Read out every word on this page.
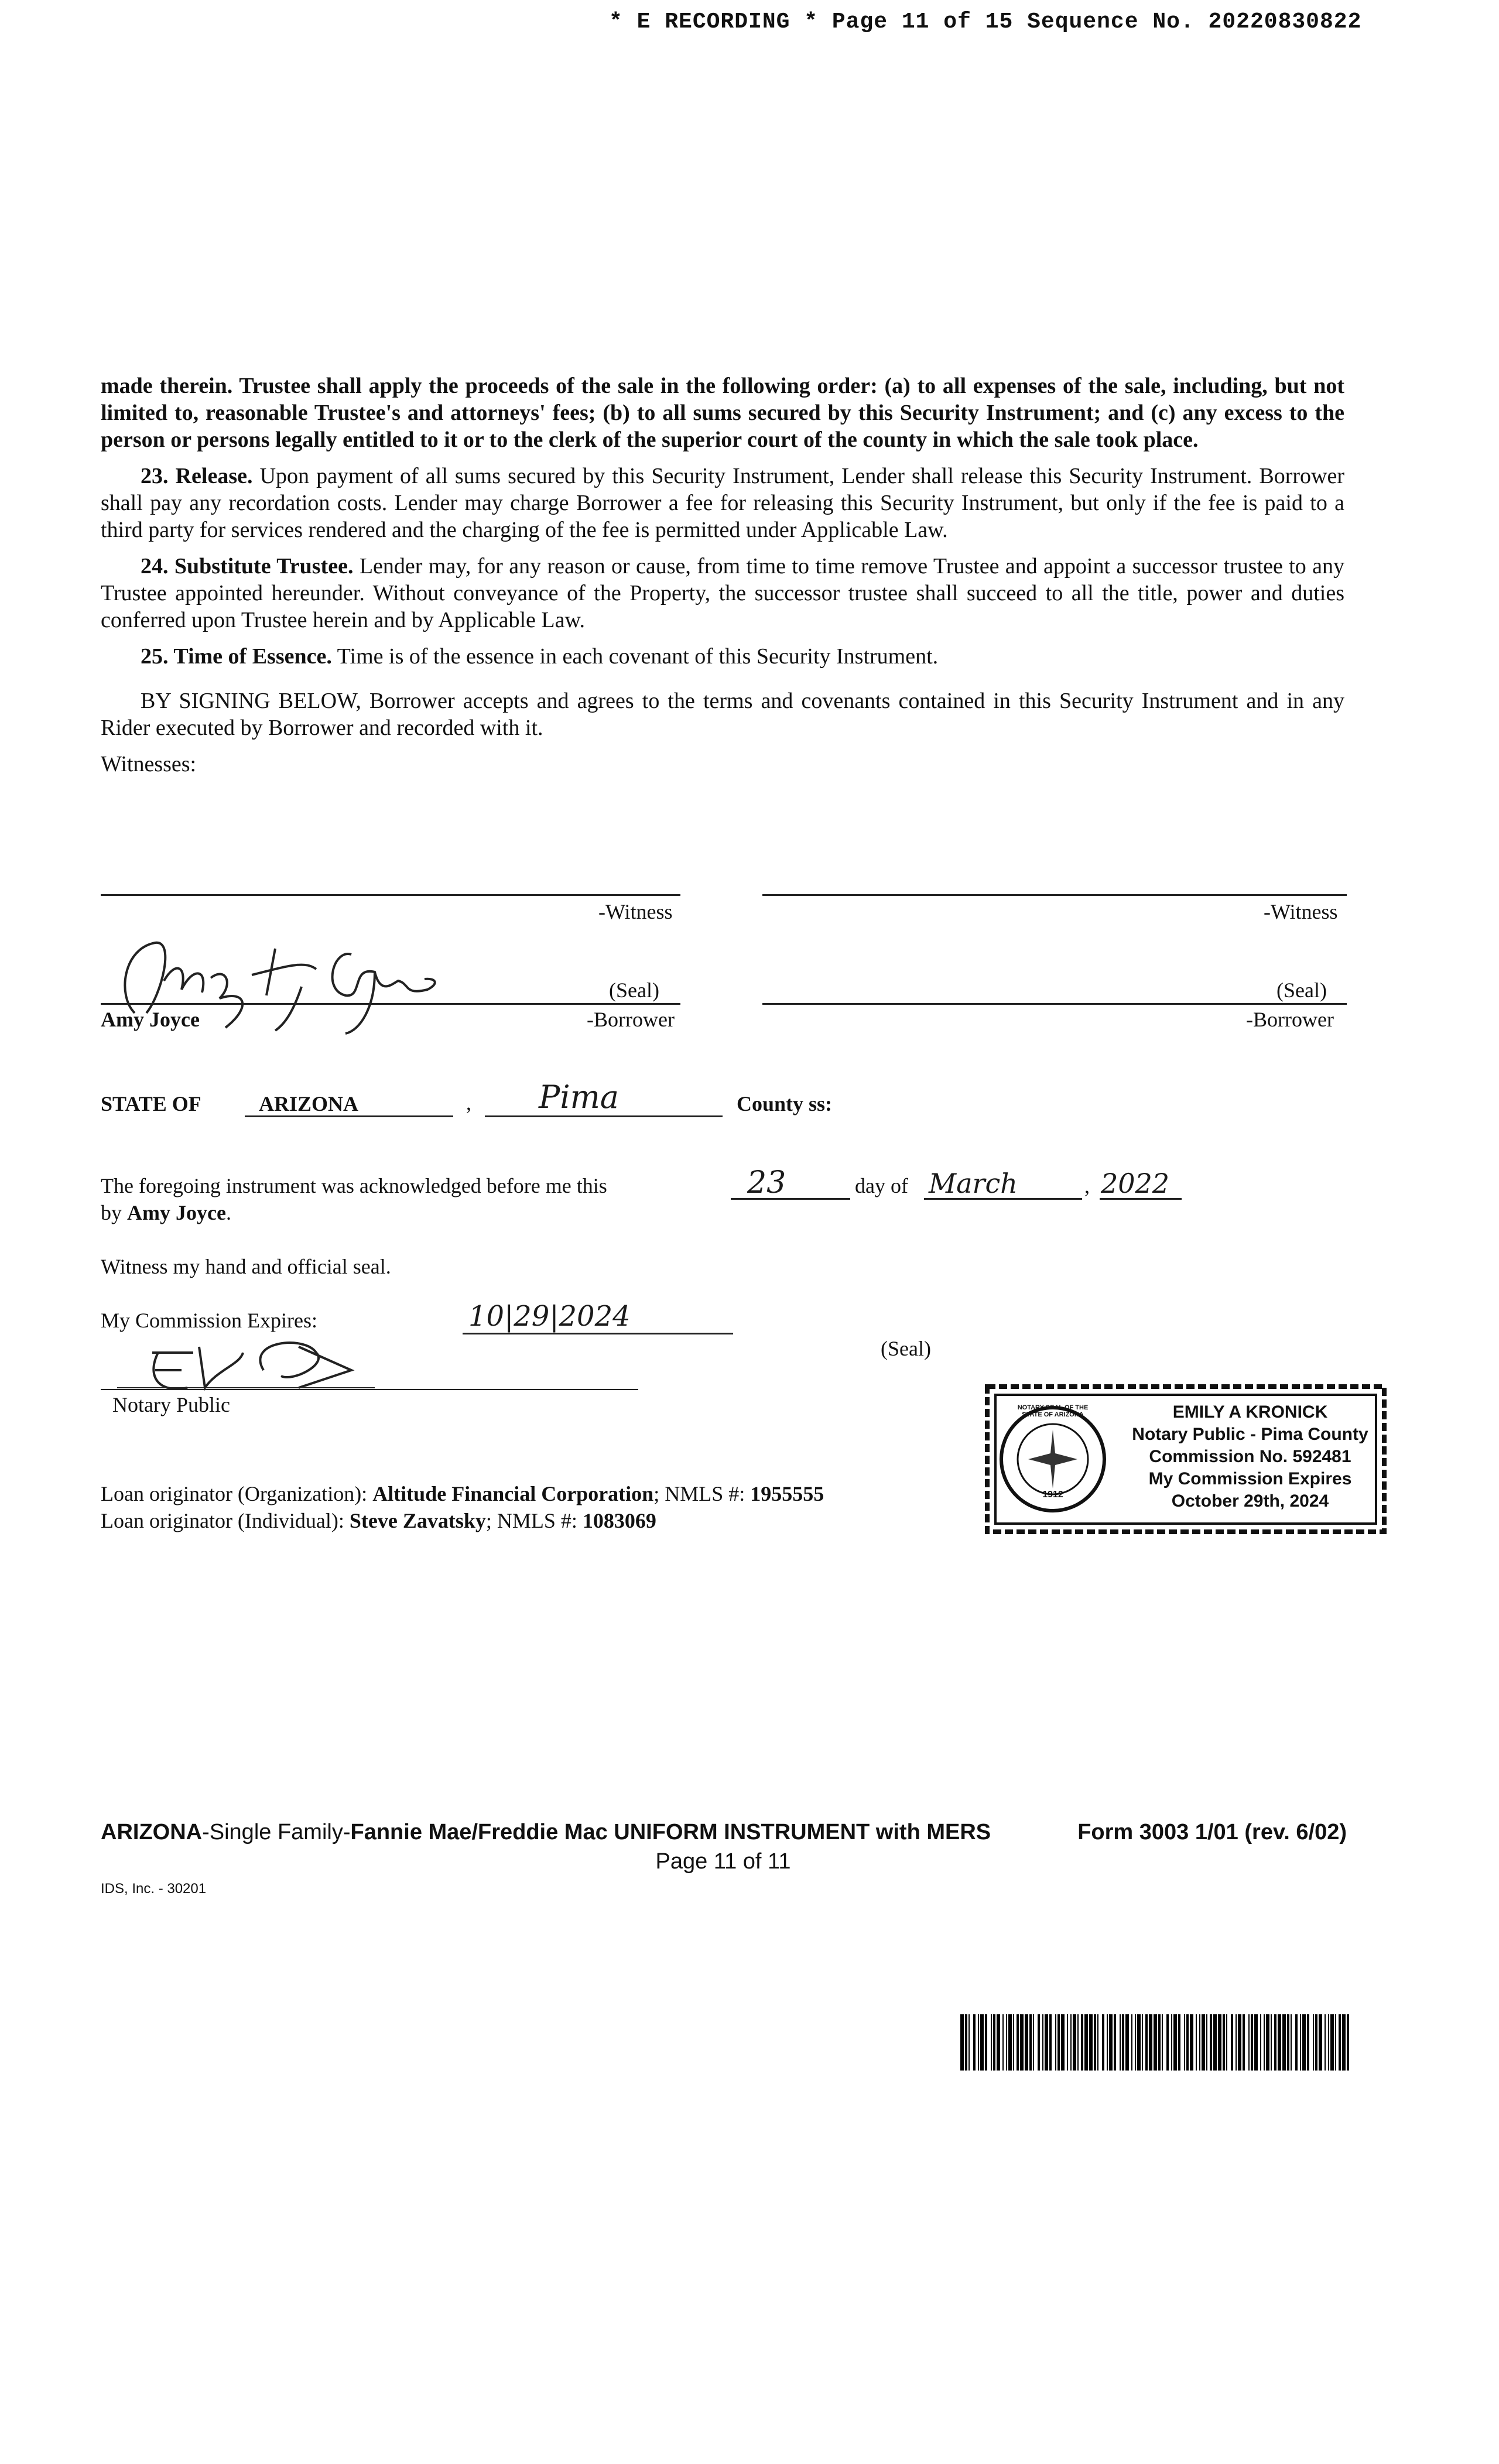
* E RECORDING * Page 11 of 15 Sequence No. 20220830822

made therein. Trustee shall apply the proceeds of the sale in the following order: (a) to all expenses of the sale, including, but not limited to, reasonable Trustee's and attorneys' fees; (b) to all sums secured by this Security Instrument; and (c) any excess to the person or persons legally entitled to it or to the clerk of the superior court of the county in which the sale took place.

23. Release. Upon payment of all sums secured by this Security Instrument, Lender shall release this Security Instrument. Borrower shall pay any recordation costs. Lender may charge Borrower a fee for releasing this Security Instrument, but only if the fee is paid to a third party for services rendered and the charging of the fee is permitted under Applicable Law.

24. Substitute Trustee. Lender may, for any reason or cause, from time to time remove Trustee and appoint a successor trustee to any Trustee appointed hereunder. Without conveyance of the Property, the successor trustee shall succeed to all the title, power and duties conferred upon Trustee herein and by Applicable Law.

25. Time of Essence. Time is of the essence in each covenant of this Security Instrument.

BY SIGNING BELOW, Borrower accepts and agrees to the terms and covenants contained in this Security Instrument and in any Rider executed by Borrower and recorded with it.

Witnesses:

-Witness	-Witness
(Seal)
Amy Joyce	-Borrower
(Seal)
-Borrower
STATE OF	ARIZONA	, Pima	County ss:
The foregoing instrument was acknowledged before me this
by Amy Joyce.
23	day of March	, 2022
Witness my hand and official seal.
My Commission Expires:	10|29|2024
(Seal)
Notary Public	NOTARY SEAL OF THE STATE OF ARIZONA
1912
EMILY A KRONICK
Notary Public - Pima County
Commission No. 592481
My Commission Expires
October 29th, 2024
Loan originator (Organization): Altitude Financial Corporation; NMLS #: 1955555
Loan originator (Individual): Steve Zavatsky; NMLS #: 1083069
ARIZONA-Single Family-Fannie Mae/Freddie Mac UNIFORM INSTRUMENT with MERS	Form 3003 1/01 (rev. 6/02)
Page 11 of 11
IDS, Inc. - 30201
